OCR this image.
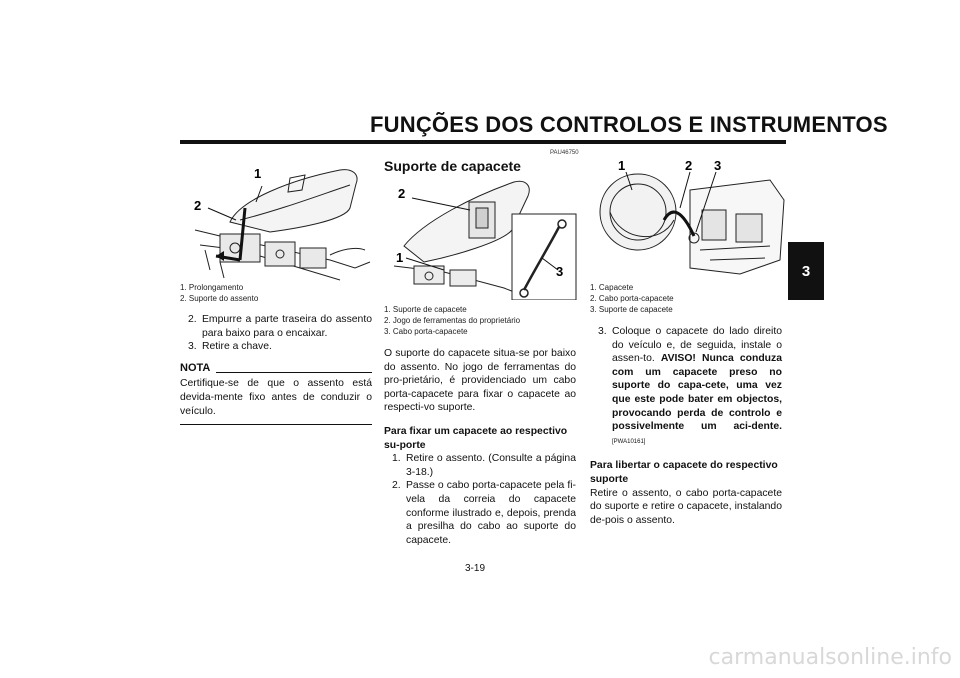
FUNÇÕES DOS CONTROLOS E INSTRUMENTOS
3
1
2
1. Prolongamento
2. Suporte do assento
2. Empurre a parte traseira do assento para baixo para o encaixar.
3. Retire a chave.
NOTA
Certifique-se de que o assento está devida-mente fixo antes de conduzir o veículo.
PAU46750
Suporte de capacete
2
1
3
1. Suporte de capacete
2. Jogo de ferramentas do proprietário
3. Cabo porta-capacete
O suporte do capacete situa-se por baixo do assento. No jogo de ferramentas do pro-prietário, é providenciado um cabo porta-capacete para fixar o capacete ao respecti-vo suporte.
Para fixar um capacete ao respectivo su-porte
1. Retire o assento. (Consulte a página 3-18.)
2. Passe o cabo porta-capacete pela fi-vela da correia do capacete conforme ilustrado e, depois, prenda a presilha do cabo ao suporte do capacete.
1	2 3
1. Capacete
2. Cabo porta-capacete
3. Suporte de capacete
3. Coloque o capacete do lado direito do veículo e, de seguida, instale o assen-to. AVISO! Nunca conduza com um capacete preso no suporte do capa-cete, uma vez que este pode bater em objectos, provocando perda de controlo e possivelmente um aci-dente. [PWA10161]
Para libertar o capacete do respectivo suporte
Retire o assento, o cabo porta-capacete do suporte e retire o capacete, instalando de-pois o assento.
3-19
carmanualsonline.info
